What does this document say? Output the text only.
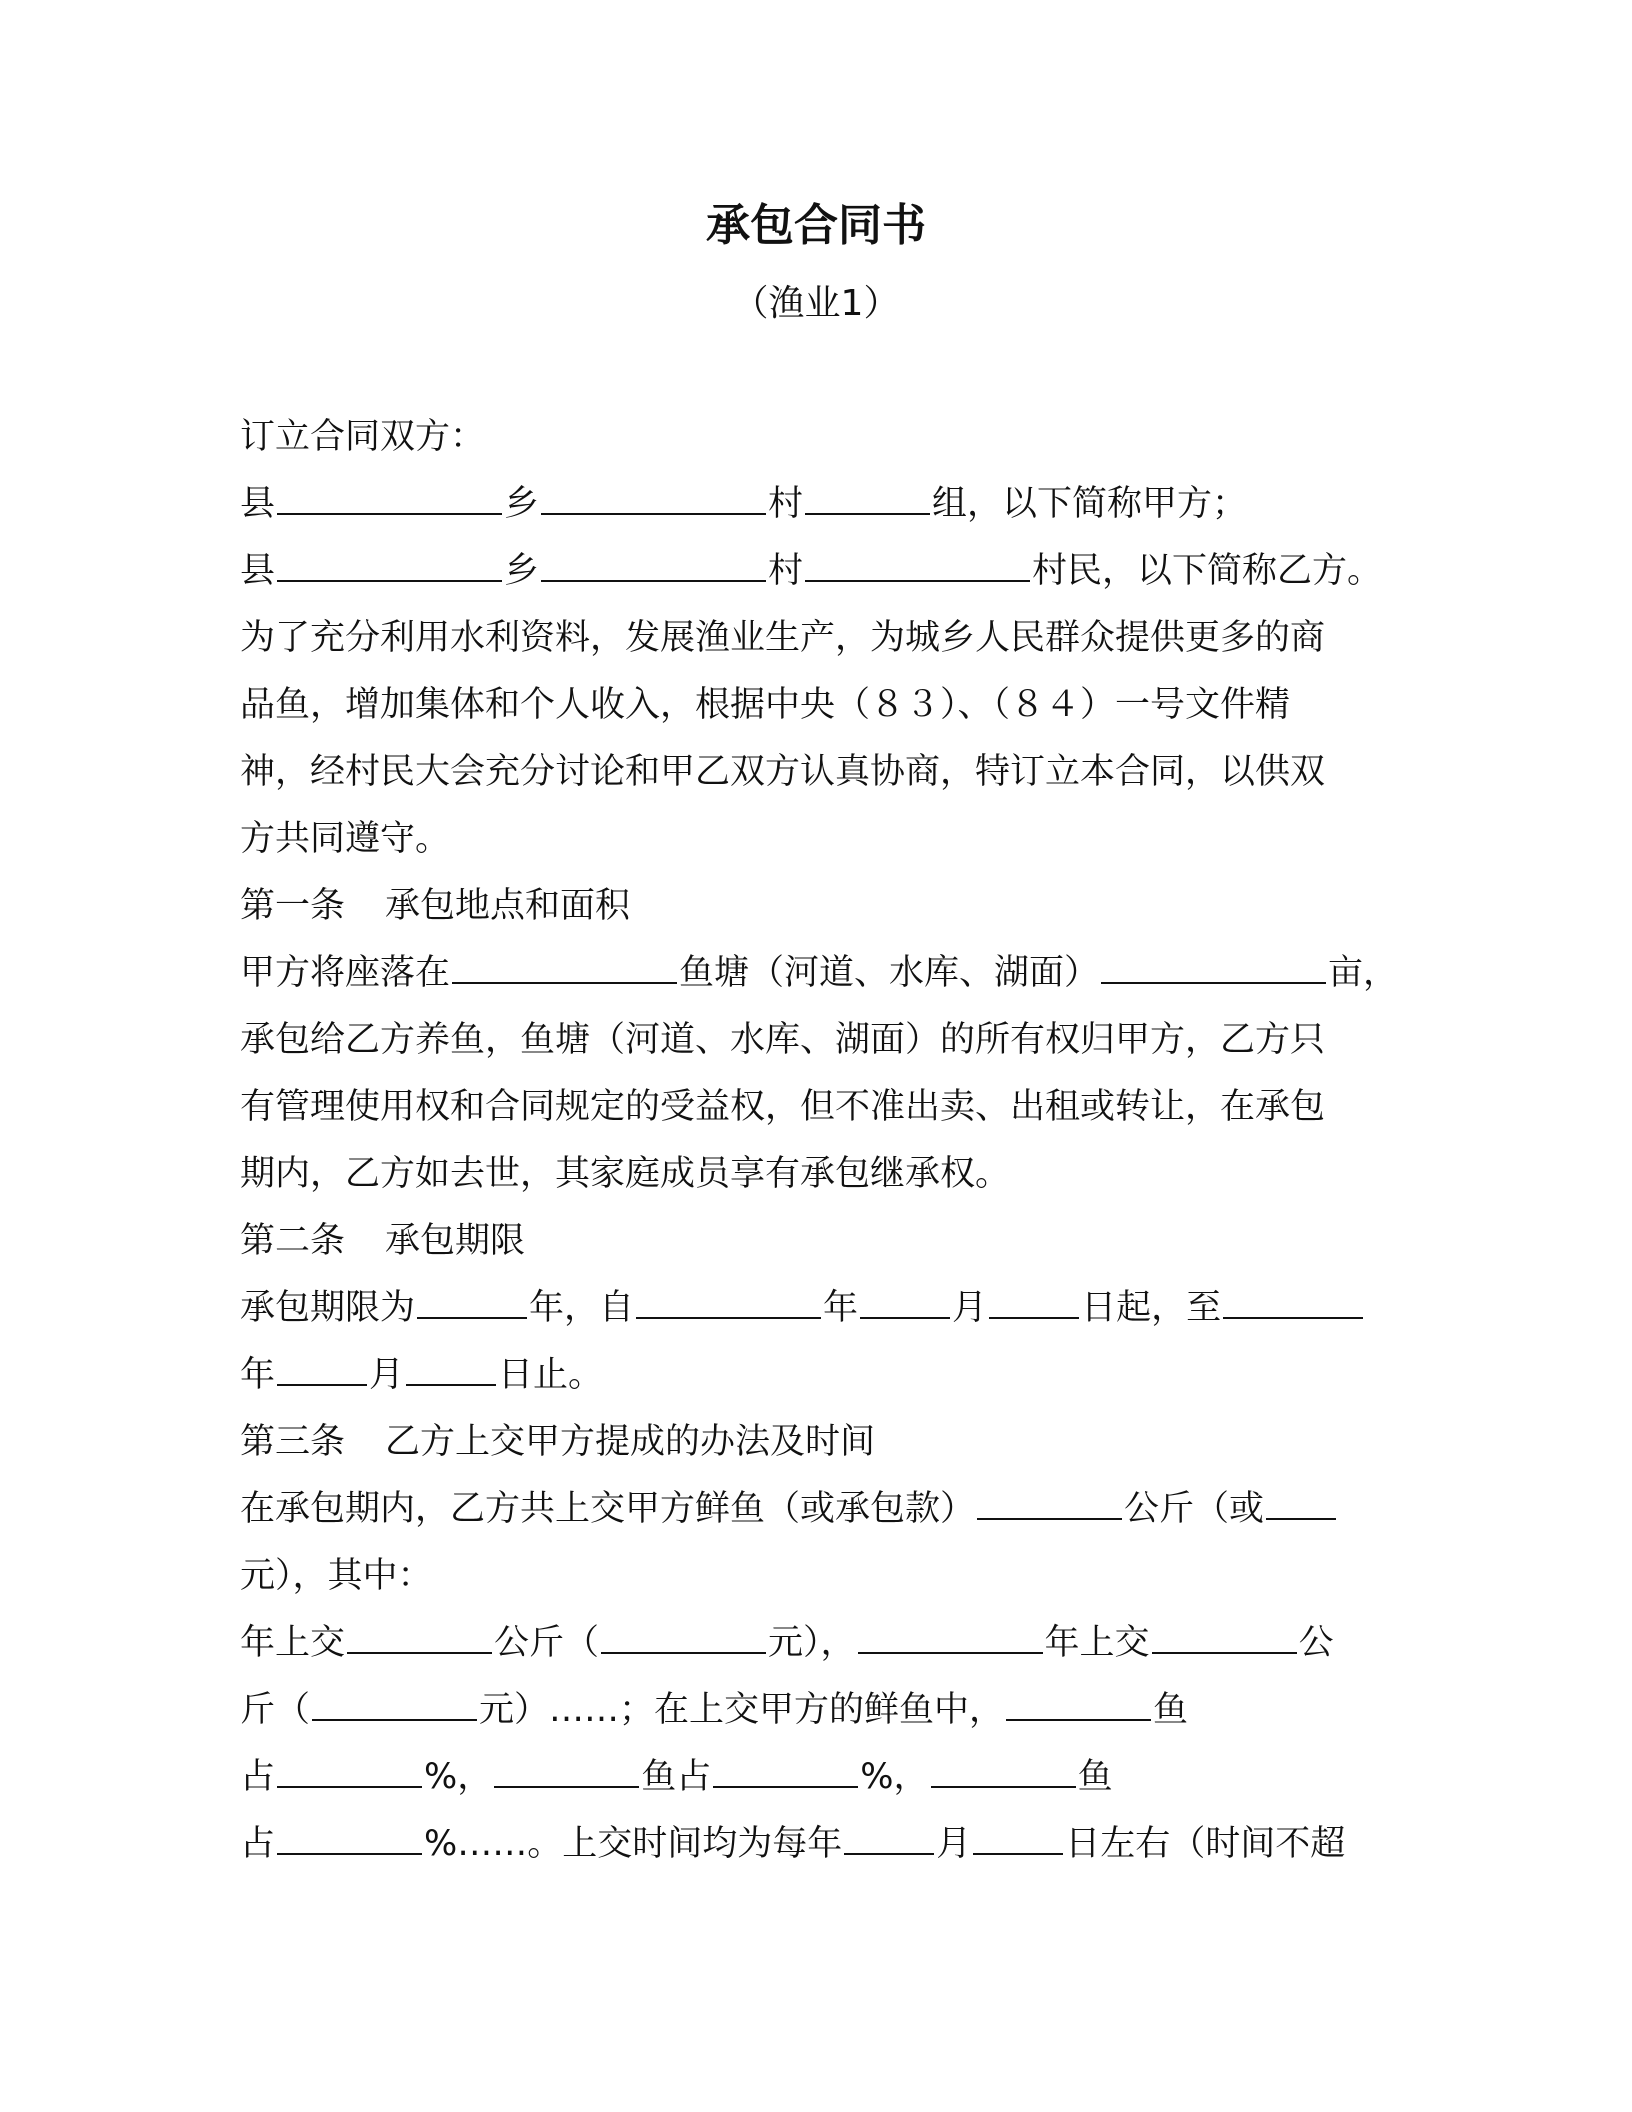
承包合同书
（渔业1）
订立合同双方：
县	乡	村	组，以下简称甲方；
县	乡	村	村民，以下简称乙方。
为了充分利用水利资料，发展渔业生产，为城乡人民群众提供更多的商
品鱼，增加集体和个人收入，根据中央（８３）、（８４）一号文件精
神，经村民大会充分讨论和甲乙双方认真协商，特订立本合同，以供双
方共同遵守。
第一条 承包地点和面积
甲方将座落在	鱼塘（河道、水库、湖面）	亩，
承包给乙方养鱼，鱼塘（河道、水库、湖面）的所有权归甲方，乙方只
有管理使用权和合同规定的受益权，但不准出卖、出租或转让，在承包
期内，乙方如去世，其家庭成员享有承包继承权。
第二条 承包期限
承包期限为	年，自	年	月	日起，至
年	月	日止。
第三条 乙方上交甲方提成的办法及时间
在承包期内，乙方共上交甲方鲜鱼（或承包款）	公斤（或
元），其中：
年上交	公斤（	元），	年上交	公
斤（	元）……；在上交甲方的鲜鱼中，	鱼
占	%，	鱼占	%，	鱼
占	%……。上交时间均为每年	月	日左右（时间不超
